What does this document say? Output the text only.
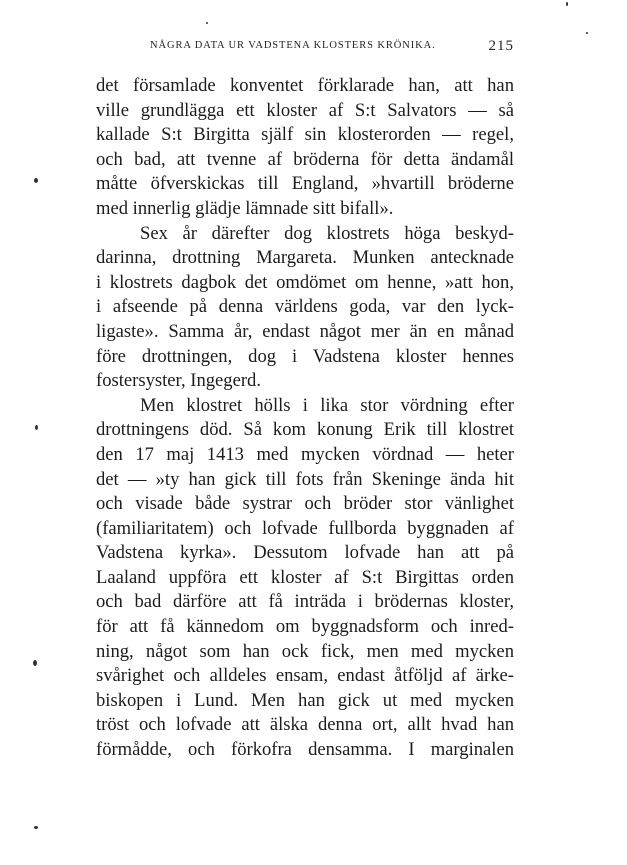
NÅGRA DATA UR VADSTENA KLOSTERS KRÖNIKA.	215
det församlade konventet förklarade han, att han
ville grundlägga ett kloster af S:t Salvators — så
kallade S:t Birgitta själf sin klosterorden — regel,
och bad, att tvenne af bröderna för detta ändamål
måtte öfverskickas till England, »hvartill bröderne
med innerlig glädje lämnade sitt bifall».
Sex år därefter dog klostrets höga beskyd-
darinna, drottning Margareta. Munken antecknade
i klostrets dagbok det omdömet om henne, »att hon,
i afseende på denna världens goda, var den lyck-
ligaste». Samma år, endast något mer än en månad
före drottningen, dog i Vadstena kloster hennes
fostersyster, Ingegerd.
Men klostret hölls i lika stor vördning efter
drottningens död. Så kom konung Erik till klostret
den 17 maj 1413 med mycken vördnad — heter
det — »ty han gick till fots från Skeninge ända hit
och visade både systrar och bröder stor vänlighet
(familiaritatem) och lofvade fullborda byggnaden af
Vadstena kyrka». Dessutom lofvade han att på
Laaland uppföra ett kloster af S:t Birgittas orden
och bad därföre att få inträda i brödernas kloster,
för att få kännedom om byggnadsform och inred-
ning, något som han ock fick, men med mycken
svårighet och alldeles ensam, endast åtföljd af ärke-
biskopen i Lund. Men han gick ut med mycken
tröst och lofvade att älska denna ort, allt hvad han
förmådde, och förkofra densamma. I marginalen
